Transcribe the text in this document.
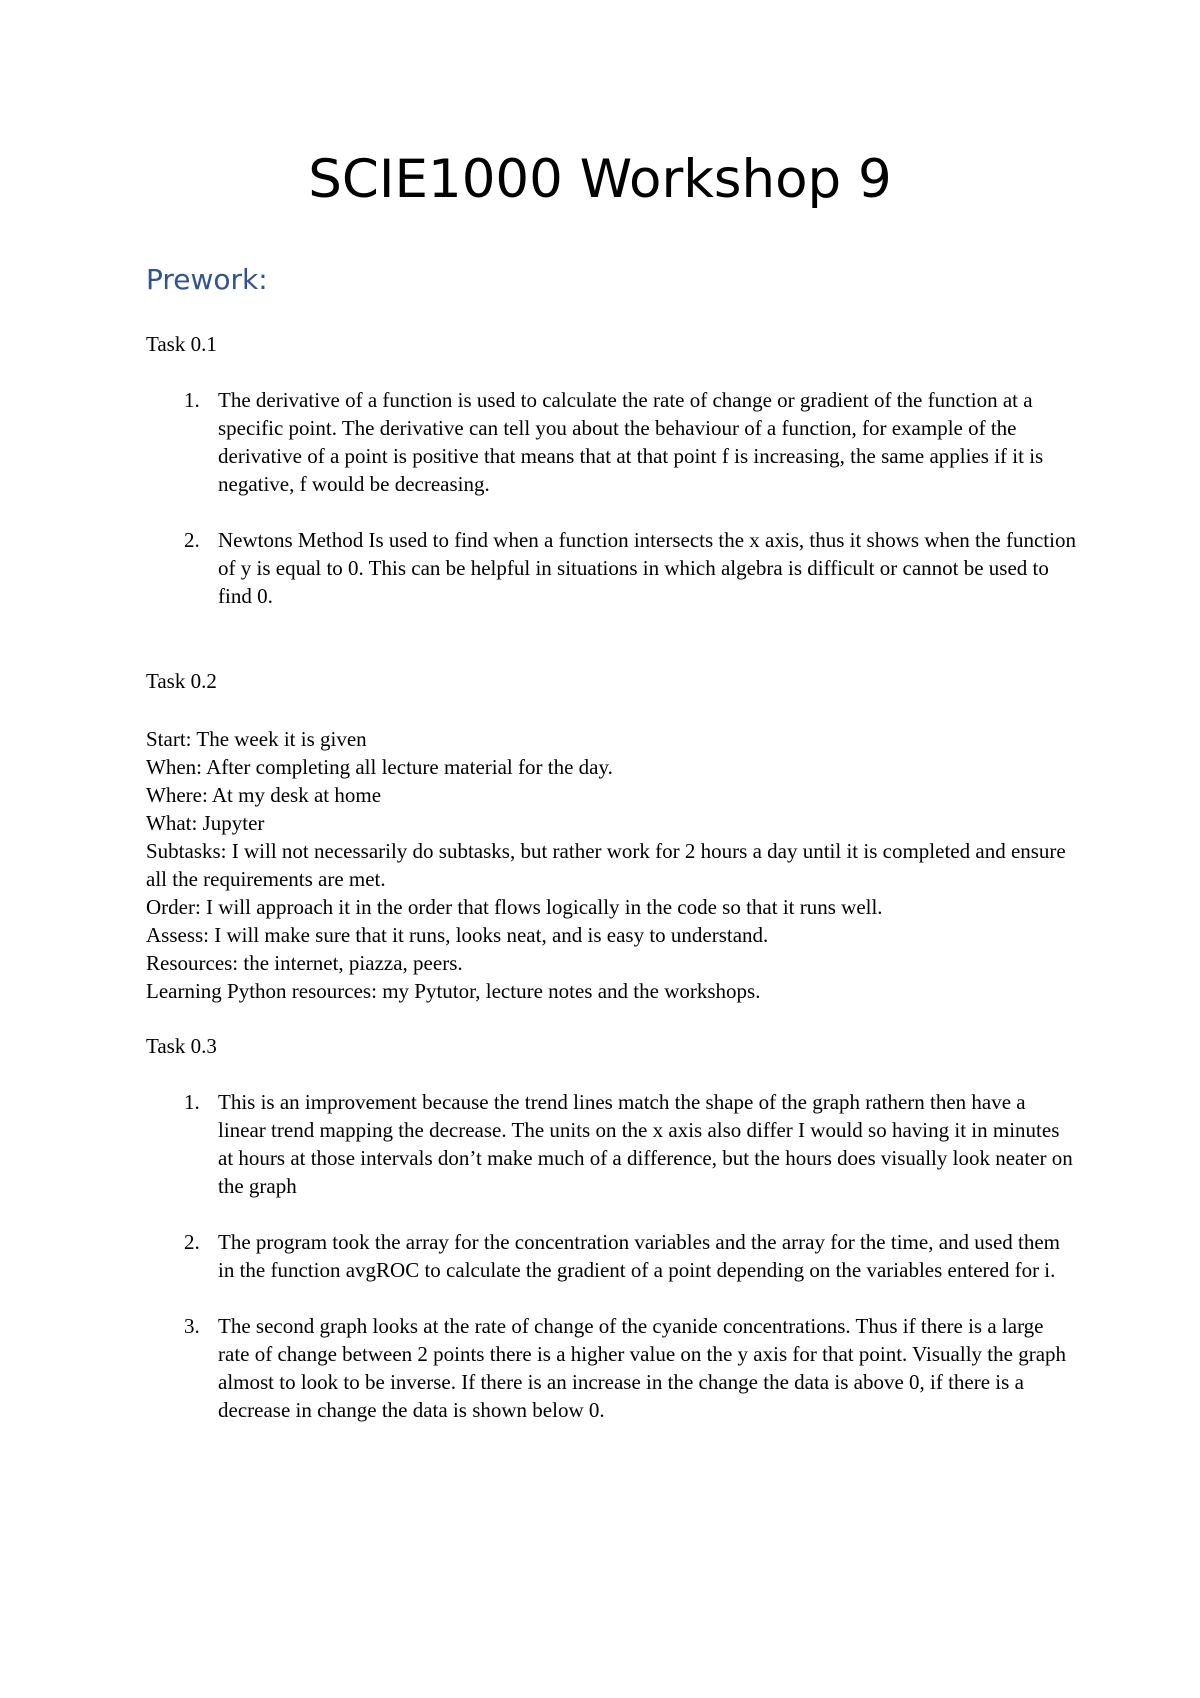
SCIE1000 Workshop 9
Prework:
Task 0.1
1. The derivative of a function is used to calculate the rate of change or gradient of the function at a specific point. The derivative can tell you about the behaviour of a function, for example of the derivative of a point is positive that means that at that point f is increasing, the same applies if it is negative, f would be decreasing.
2. Newtons Method Is used to find when a function intersects the x axis, thus it shows when the function of y is equal to 0. This can be helpful in situations in which algebra is difficult or cannot be used to find 0.
Task 0.2

Start: The week it is given

When: After completing all lecture material for the day.

Where: At my desk at home

What: Jupyter

Subtasks: I will not necessarily do subtasks, but rather work for 2 hours a day until it is completed and ensure all the requirements are met.

Order: I will approach it in the order that flows logically in the code so that it runs well.

Assess: I will make sure that it runs, looks neat, and is easy to understand.

Resources: the internet, piazza, peers.

Learning Python resources: my Pytutor, lecture notes and the workshops.

Task 0.3
1. This is an improvement because the trend lines match the shape of the graph rathern then have a linear trend mapping the decrease. The units on the x axis also differ I would so having it in minutes at hours at those intervals don’t make much of a difference, but the hours does visually look neater on the graph
2. The program took the array for the concentration variables and the array for the time, and used them in the function avgROC to calculate the gradient of a point depending on the variables entered for i.
3. The second graph looks at the rate of change of the cyanide concentrations. Thus if there is a large rate of change between 2 points there is a higher value on the y axis for that point. Visually the graph almost to look to be inverse. If there is an increase in the change the data is above 0, if there is a decrease in change the data is shown below 0.
